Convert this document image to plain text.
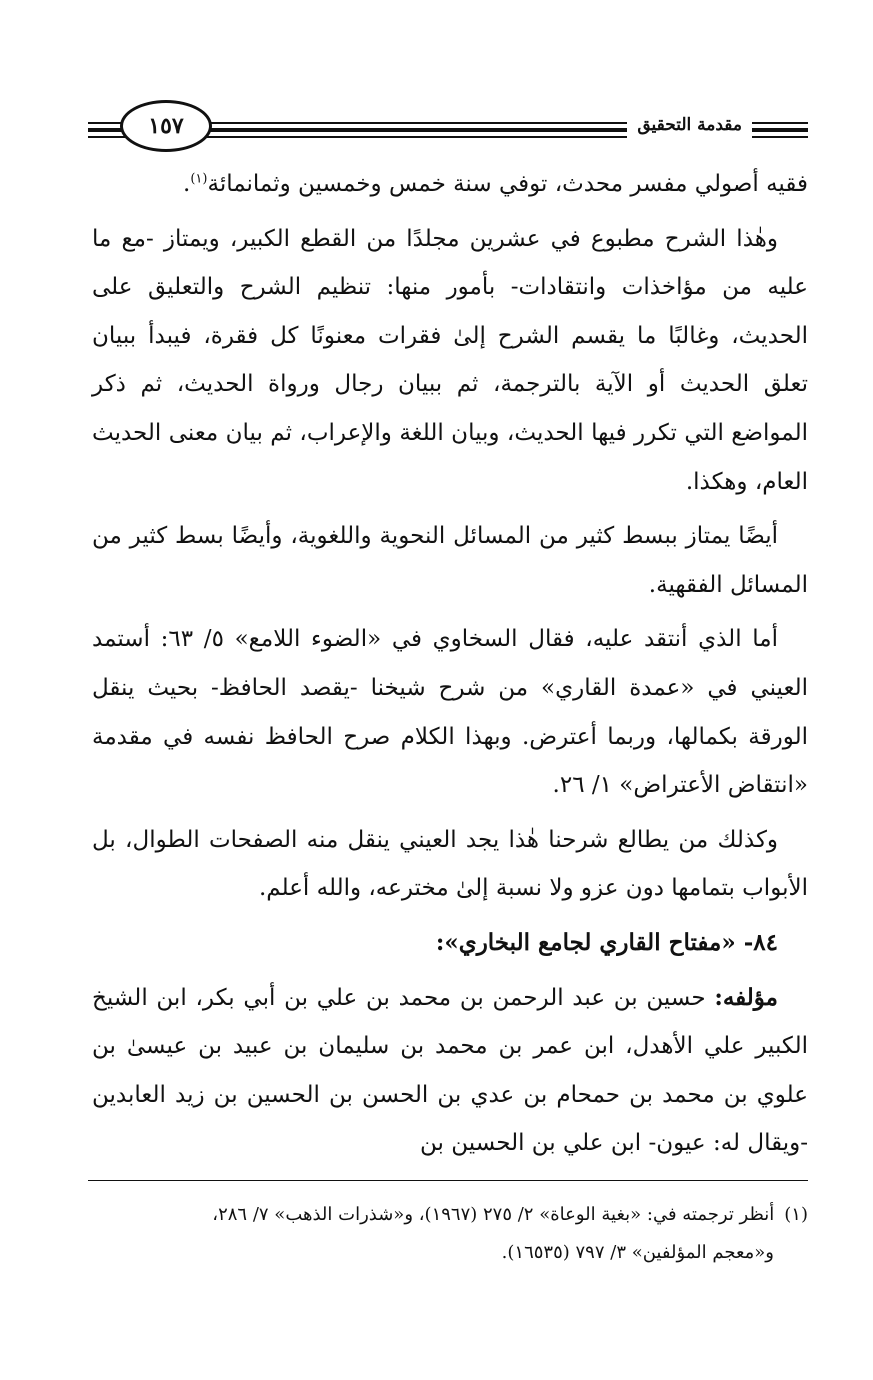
١٥٧	مقدمة التحقيق

فقيه أصولي مفسر محدث، توفي سنة خمس وخمسين وثمانمائة$^{(١)}$.

وهٰذا الشرح مطبوع في عشرين مجلدًا من القطع الكبير، ويمتاز -مع ما عليه من مؤاخذات وانتقادات- بأمور منها: تنظيم الشرح والتعليق على الحديث، وغالبًا ما يقسم الشرح إلىٰ فقرات معنونًا كل فقرة، فيبدأ ببيان تعلق الحديث أو الآية بالترجمة، ثم ببيان رجال ورواة الحديث، ثم ذكر المواضع التي تكرر فيها الحديث، وبيان اللغة والإعراب، ثم بيان معنى الحديث العام، وهكذا.

أيضًا يمتاز ببسط كثير من المسائل النحوية واللغوية، وأيضًا بسط كثير من المسائل الفقهية.

أما الذي أنتقد عليه، فقال السخاوي في «الضوء اللامع» ٥/ ٦٣: أستمد العيني في «عمدة القاري» من شرح شيخنا -يقصد الحافظ- بحيث ينقل الورقة بكمالها، وربما أعترض. وبهذا الكلام صرح الحافظ نفسه في مقدمة «انتقاض الأعتراض» ١/ ٢٦.

وكذلك من يطالع شرحنا هٰذا يجد العيني ينقل منه الصفحات الطوال، بل الأبواب بتمامها دون عزو ولا نسبة إلىٰ مخترعه، والله أعلم.

٨٤- «مفتاح القاري لجامع البخاري»:

مؤلفه: حسين بن عبد الرحمن بن محمد بن علي بن أبي بكر، ابن الشيخ الكبير علي الأهدل، ابن عمر بن محمد بن سليمان بن عبيد بن عيسىٰ بن علوي بن محمد بن حمحام بن عدي بن الحسن بن الحسين بن زيد العابدين -ويقال له: عيون- ابن علي بن الحسين بن

(١)أنظر ترجمته في: «بغية الوعاة» ٢/ ٢٧٥ (١٩٦٧)، و«شذرات الذهب» ٧/ ٢٨٦،

و«معجم المؤلفين» ٣/ ٧٩٧ (١٦٥٣٥).
